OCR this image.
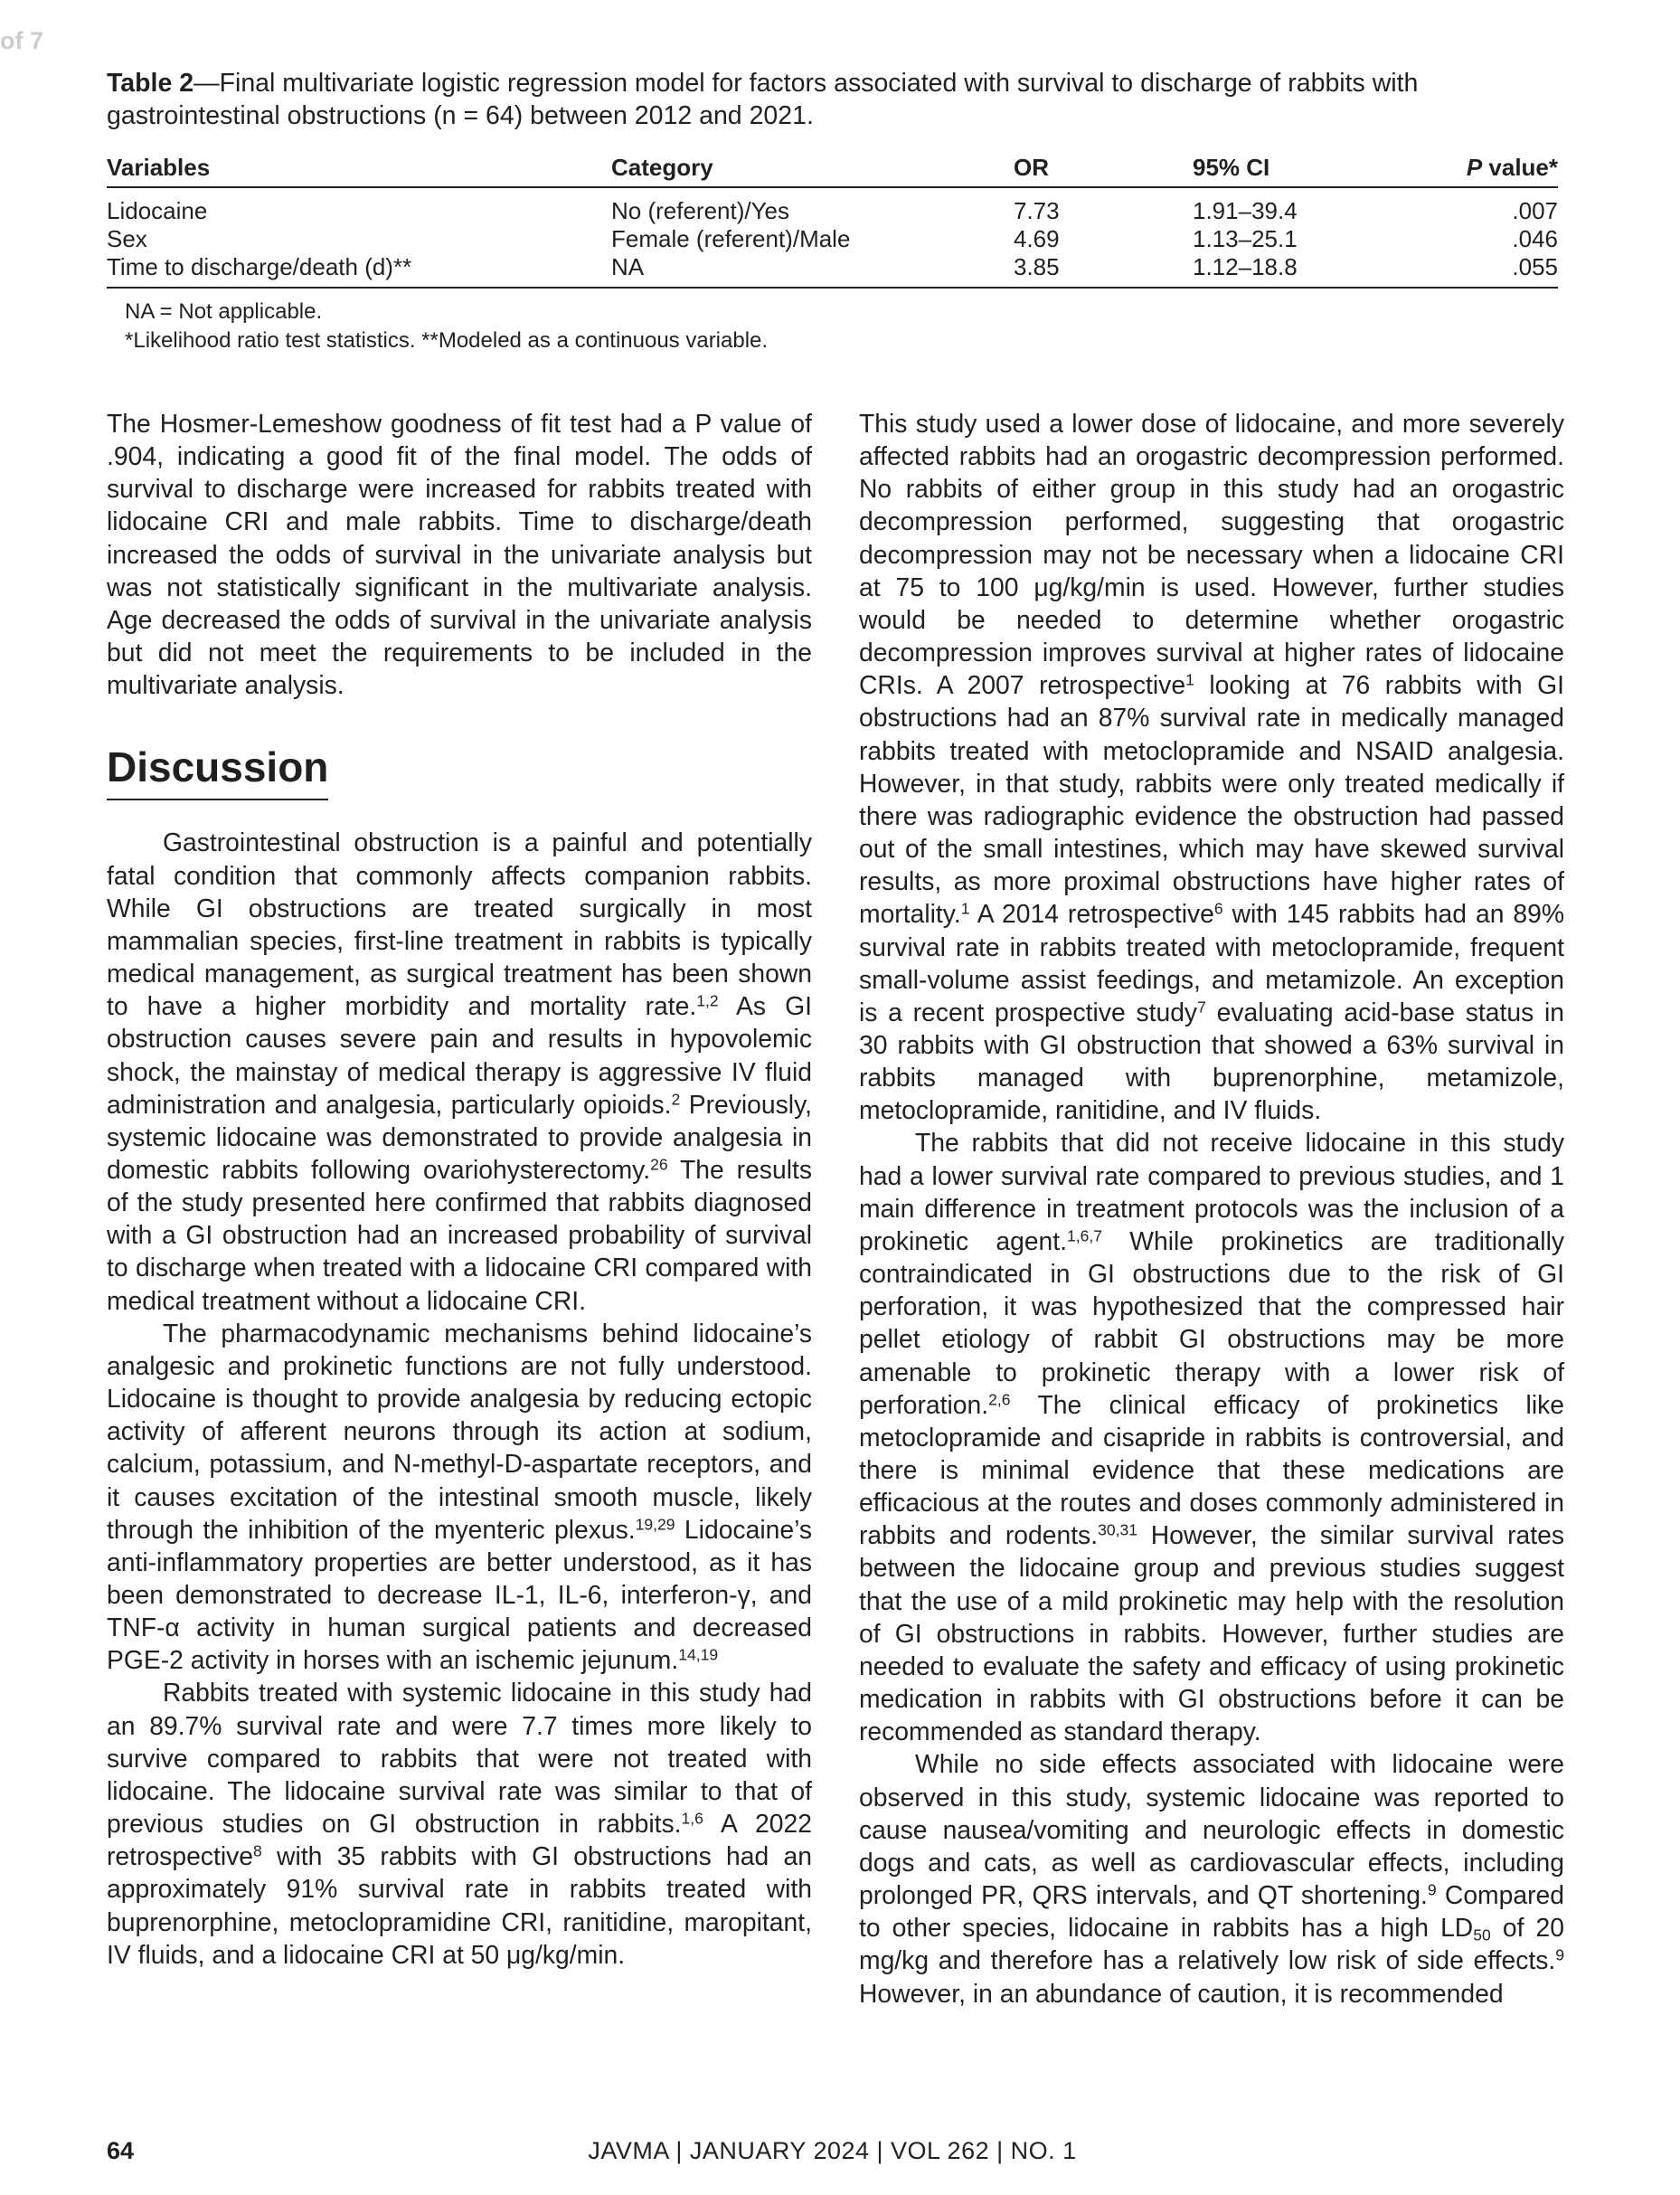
of 7
Table 2—Final multivariate logistic regression model for factors associated with survival to discharge of rabbits with gastrointestinal obstructions (n = 64) between 2012 and 2021.
Variables	Category	OR	95% CI	P value*
Lidocaine	No (referent)/Yes	7.73	1.91–39.4	.007
Sex	Female (referent)/Male	4.69	1.13–25.1	.046
Time to discharge/death (d)**	NA	3.85	1.12–18.8	.055
NA = Not applicable.
*Likelihood ratio test statistics. **Modeled as a continuous variable.

The Hosmer-Lemeshow goodness of fit test had a P value of .904, indicating a good fit of the final model. The odds of survival to discharge were increased for rabbits treated with lidocaine CRI and male rabbits. Time to discharge/death increased the odds of survival in the univariate analysis but was not statistically significant in the multivariate analysis. Age decreased the odds of survival in the univariate analysis but did not meet the requirements to be included in the multivariate analysis.

Discussion

Gastrointestinal obstruction is a painful and potentially fatal condition that commonly affects companion rabbits. While GI obstructions are treated surgically in most mammalian species, first-line treatment in rabbits is typically medical management, as surgical treatment has been shown to have a higher morbidity and mortality rate.$^{1,2}$ As GI obstruction causes severe pain and results in hypovolemic shock, the mainstay of medical therapy is aggressive IV fluid administration and analgesia, particularly opioids.$^2$ Previously, systemic lidocaine was demonstrated to provide analgesia in domestic rabbits following ovariohysterectomy.$^{26}$ The results of the study presented here confirmed that rabbits diagnosed with a GI obstruction had an increased probability of survival to discharge when treated with a lidocaine CRI compared with medical treatment without a lidocaine CRI.

The pharmacodynamic mechanisms behind lidocaine’s analgesic and prokinetic functions are not fully understood. Lidocaine is thought to provide analgesia by reducing ectopic activity of afferent neurons through its action at sodium, calcium, potassium, and N-methyl-D-aspartate receptors, and it causes excitation of the intestinal smooth muscle, likely through the inhibition of the myenteric plexus.$^{19,29}$ Lidocaine’s anti-inflammatory properties are better understood, as it has been demonstrated to decrease IL-1, IL-6, interferon-γ, and TNF-α activity in human surgical patients and decreased PGE-2 activity in horses with an ischemic jejunum.$^{14,19}$

Rabbits treated with systemic lidocaine in this study had an 89.7% survival rate and were 7.7 times more likely to survive compared to rabbits that were not treated with lidocaine. The lidocaine survival rate was similar to that of previous studies on GI obstruction in rabbits.$^{1,6}$ A 2022 retrospective$^8$ with 35 rabbits with GI obstructions had an approximately 91% survival rate in rabbits treated with buprenorphine, metoclopramidine CRI, ranitidine, maropitant, IV fluids, and a lidocaine CRI at 50 μg/kg/min.

This study used a lower dose of lidocaine, and more severely affected rabbits had an orogastric decompression performed. No rabbits of either group in this study had an orogastric decompression performed, suggesting that orogastric decompression may not be necessary when a lidocaine CRI at 75 to 100 μg/kg/min is used. However, further studies would be needed to determine whether orogastric decompression improves survival at higher rates of lidocaine CRIs. A 2007 retrospective$^1$ looking at 76 rabbits with GI obstructions had an 87% survival rate in medically managed rabbits treated with metoclopramide and NSAID analgesia. However, in that study, rabbits were only treated medically if there was radiographic evidence the obstruction had passed out of the small intestines, which may have skewed survival results, as more proximal obstructions have higher rates of mortality.$^1$ A 2014 retrospective$^6$ with 145 rabbits had an 89% survival rate in rabbits treated with metoclopramide, frequent small-volume assist feedings, and metamizole. An exception is a recent prospective study$^7$ evaluating acid-base status in 30 rabbits with GI obstruction that showed a 63% survival in rabbits managed with buprenorphine, metamizole, metoclopramide, ranitidine, and IV fluids.

The rabbits that did not receive lidocaine in this study had a lower survival rate compared to previous studies, and 1 main difference in treatment protocols was the inclusion of a prokinetic agent.$^{1,6,7}$ While prokinetics are traditionally contraindicated in GI obstructions due to the risk of GI perforation, it was hypothesized that the compressed hair pellet etiology of rabbit GI obstructions may be more amenable to prokinetic therapy with a lower risk of perforation.$^{2,6}$ The clinical efficacy of prokinetics like metoclopramide and cisapride in rabbits is controversial, and there is minimal evidence that these medications are efficacious at the routes and doses commonly administered in rabbits and rodents.$^{30,31}$ However, the similar survival rates between the lidocaine group and previous studies suggest that the use of a mild prokinetic may help with the resolution of GI obstructions in rabbits. However, further studies are needed to evaluate the safety and efficacy of using prokinetic medication in rabbits with GI obstructions before it can be recommended as standard therapy.

While no side effects associated with lidocaine were observed in this study, systemic lidocaine was reported to cause nausea/vomiting and neurologic effects in domestic dogs and cats, as well as cardiovascular effects, including prolonged PR, QRS intervals, and QT shortening.$^9$ Compared to other species, lidocaine in rabbits has a high $LD_{50}$ of 20 mg/kg and therefore has a relatively low risk of side effects.$^9$ However, in an abundance of caution, it is recommended

64	JAVMA | JANUARY 2024 | VOL 262 | NO. 1
